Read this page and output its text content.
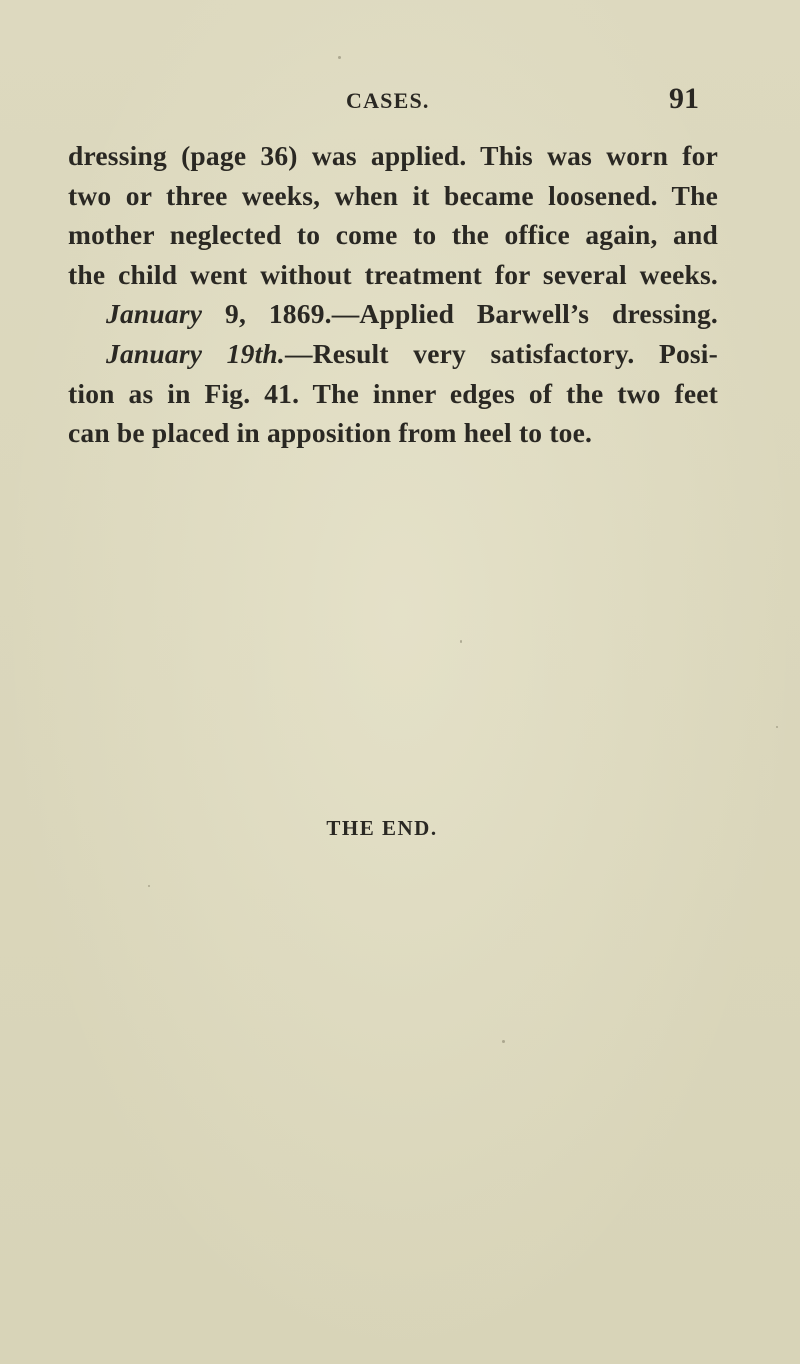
CASES.	91
dressing (page 36) was applied. This was worn for
two or three weeks, when it became loosened. The
mother neglected to come to the office again, and
the child went without treatment for several weeks.
January 9, 1869.—Applied Barwell’s dressing.
January 19th.—Result very satisfactory. Posi-
tion as in Fig. 41. The inner edges of the two feet
can be placed in apposition from heel to toe.
THE END.
